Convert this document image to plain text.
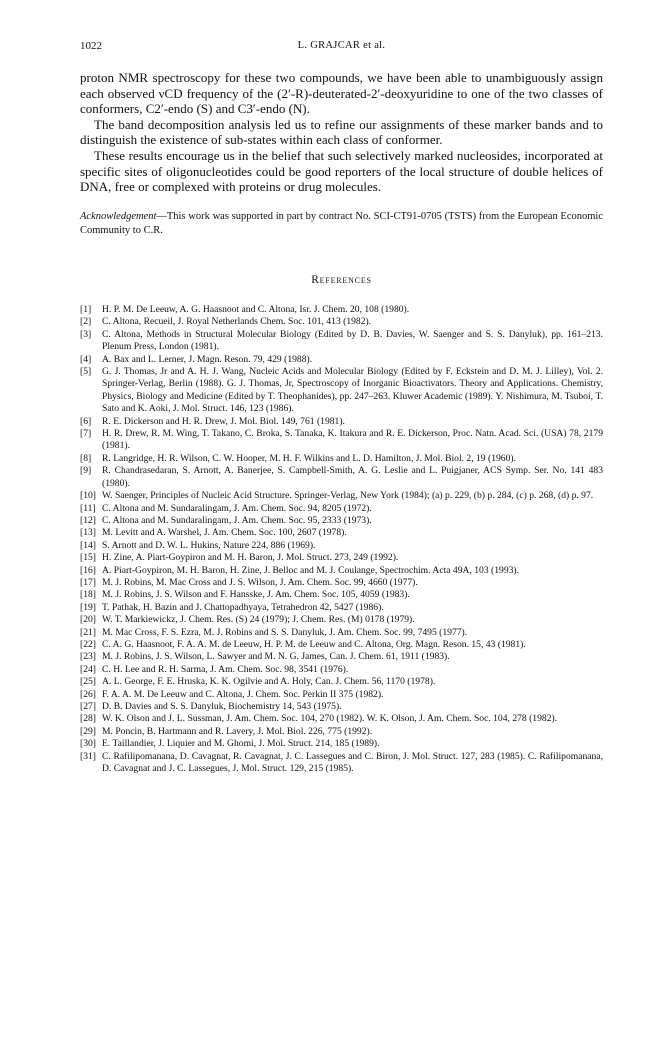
1022	L. GRAJCAR et al.

proton NMR spectroscopy for these two compounds, we have been able to unambiguously assign each observed νCD frequency of the (2′-R)-deuterated-2′-deoxyuridine to one of the two classes of conformers, C2′-endo (S) and C3′-endo (N).

The band decomposition analysis led us to refine our assignments of these marker bands and to distinguish the existence of sub-states within each class of conformer.

These results encourage us in the belief that such selectively marked nucleosides, incorporated at specific sites of oligonucleotides could be good reporters of the local structure of double helices of DNA, free or complexed with proteins or drug molecules.

Acknowledgement—This work was supported in part by contract No. SCI-CT91-0705 (TSTS) from the European Economic Community to C.R.
References
[1] H. P. M. De Leeuw, A. G. Haasnoot and C. Altona, Isr. J. Chem. 20, 108 (1980).
[2] C. Altona, Recueil, J. Royal Netherlands Chem. Soc. 101, 413 (1982).
[3] C. Altona, Methods in Structural Molecular Biology (Edited by D. B. Davies, W. Saenger and S. S. Danyluk), pp. 161–213. Plenum Press, London (1981).
[4] A. Bax and L. Lerner, J. Magn. Reson. 79, 429 (1988).
[5] G. J. Thomas, Jr and A. H. J. Wang, Nucleic Acids and Molecular Biology (Edited by F. Eckstein and D. M. J. Lilley), Vol. 2. Springer-Verlag, Berlin (1988). G. J. Thomas, Jr, Spectroscopy of Inorganic Bioactivators. Theory and Applications. Chemistry, Physics, Biology and Medicine (Edited by T. Theophanides), pp. 247–263. Kluwer Academic (1989). Y. Nishimura, M. Tsuboi, T. Sato and K. Aoki, J. Mol. Struct. 146, 123 (1986).
[6] R. E. Dickerson and H. R. Drew, J. Mol. Biol. 149, 761 (1981).
[7] H. R. Drew, R. M. Wing, T. Takano, C. Broka, S. Tanaka, K. Itakura and R. E. Dickerson, Proc. Natn. Acad. Sci. (USA) 78, 2179 (1981).
[8] R. Langridge, H. R. Wilson, C. W. Hooper, M. H. F. Wilkins and L. D. Hamilton, J. Mol. Biol. 2, 19 (1960).
[9] R. Chandrasedaran, S. Arnott, A. Banerjee, S. Campbell-Smith, A. G. Leslie and L. Puigjaner, ACS Symp. Ser. No. 141 483 (1980).
[10] W. Saenger, Principles of Nucleic Acid Structure. Springer-Verlag, New York (1984); (a) p. 229, (b) p. 284, (c) p. 268, (d) p. 97.
[11] C. Altona and M. Sundaralingam, J. Am. Chem. Soc. 94, 8205 (1972).
[12] C. Altona and M. Sundaralingam, J. Am. Chem. Soc. 95, 2333 (1973).
[13] M. Levitt and A. Warshel, J. Am. Chem. Soc. 100, 2607 (1978).
[14] S. Arnott and D. W. L. Hukins, Nature 224, 886 (1969).
[15] H. Zine, A. Piart-Goypiron and M. H. Baron, J. Mol. Struct. 273, 249 (1992).
[16] A. Piart-Goypiron, M. H. Baron, H. Zine, J. Belloc and M. J. Coulange, Spectrochim. Acta 49A, 103 (1993).
[17] M. J. Robins, M. Mac Cross and J. S. Wilson, J. Am. Chem. Soc. 99, 4660 (1977).
[18] M. J. Robins, J. S. Wilson and F. Hansske, J. Am. Chem. Soc. 105, 4059 (1983).
[19] T. Pathak, H. Bazin and J. Chattopadhyaya, Tetrahedron 42, 5427 (1986).
[20] W. T. Markiewickz, J. Chem. Res. (S) 24 (1979); J. Chem. Res. (M) 0178 (1979).
[21] M. Mac Cross, F. S. Ezra, M. J. Robins and S. S. Danyluk, J. Am. Chem. Soc. 99, 7495 (1977).
[22] C. A. G. Haasnoot, F. A. A. M. de Leeuw, H. P. M. de Leeuw and C. Altona, Org. Magn. Reson. 15, 43 (1981).
[23] M. J. Robins, J. S. Wilson, L. Sawyer and M. N. G. James, Can. J. Chem. 61, 1911 (1983).
[24] C. H. Lee and R. H. Sarma, J. Am. Chem. Soc. 98, 3541 (1976).
[25] A. L. George, F. E. Hruska, K. K. Ogilvie and A. Holy, Can. J. Chem. 56, 1170 (1978).
[26] F. A. A. M. De Leeuw and C. Altona, J. Chem. Soc. Perkin II 375 (1982).
[27] D. B. Davies and S. S. Danyluk, Biochemistry 14, 543 (1975).
[28] W. K. Olson and J. L. Sussman, J. Am. Chem. Soc. 104, 270 (1982). W. K. Olson, J. Am. Chem. Soc. 104, 278 (1982).
[29] M. Poncin, B. Hartmann and R. Lavery, J. Mol. Biol. 226, 775 (1992).
[30] E. Taillandier, J. Liquier and M. Ghomi, J. Mol. Struct. 214, 185 (1989).
[31] C. Rafilipomanana, D. Cavagnat, R. Cavagnat, J. C. Lassegues and C. Biron, J. Mol. Struct. 127, 283 (1985). C. Rafilipomanana, D. Cavagnat and J. C. Lassegues, J. Mol. Struct. 129, 215 (1985).
